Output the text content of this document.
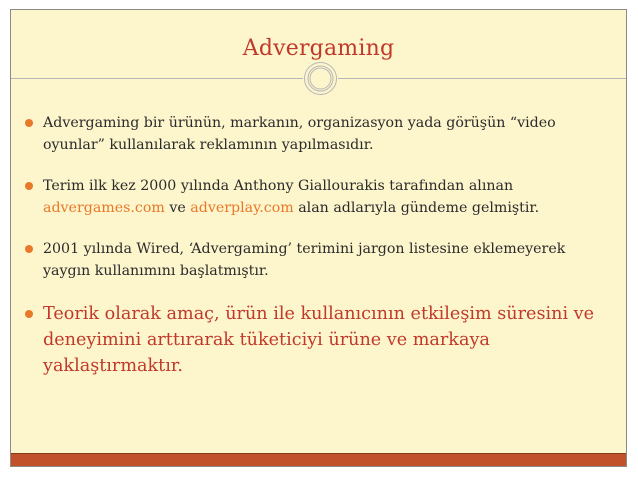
Advergaming
Advergaming bir ürünün, markanın, organizasyon yada görüşün “video oyunlar” kullanılarak reklamının yapılmasıdır.
Terim ilk kez 2000 yılında Anthony Giallourakis tarafından alınan advergames.com ve adverplay.com alan adlarıyla gündeme gelmiştir.
2001 yılında Wired, ‘Advergaming’ terimini jargon listesine eklemeyerek yaygın kullanımını başlatmıştır.
Teorik olarak amaç, ürün ile kullanıcının etkileşim süresini ve deneyimini arttırarak tüketiciyi ürüne ve markaya yaklaştırmaktır.
